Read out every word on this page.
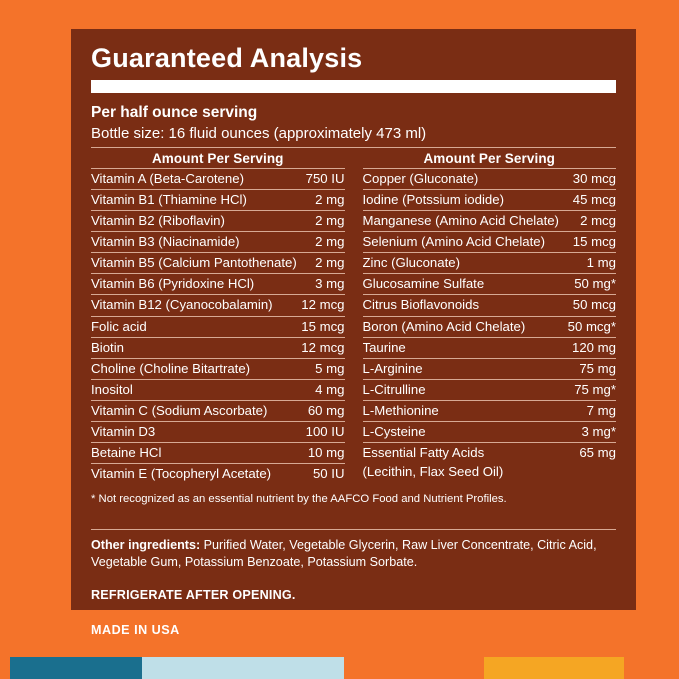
Guaranteed Analysis
Per half ounce serving
Bottle size: 16 fluid ounces (approximately 473 ml)
Amount Per Serving
Vitamin A (Beta-Carotene)	750 IU
Vitamin B1 (Thiamine HCl)	2 mg
Vitamin B2 (Riboflavin)	2 mg
Vitamin B3 (Niacinamide)	2 mg
Vitamin B5 (Calcium Pantothenate)	2 mg
Vitamin B6 (Pyridoxine HCl)	3 mg
Vitamin B12 (Cyanocobalamin)	12 mcg
Folic acid	15 mcg
Biotin	12 mcg
Choline (Choline Bitartrate)	5 mg
Inositol	4 mg
Vitamin C (Sodium Ascorbate)	60 mg
Vitamin D3	100 IU
Betaine HCl	10 mg
Vitamin E (Tocopheryl Acetate)	50 IU
Amount Per Serving
Copper (Gluconate)	30 mcg
Iodine (Potssium iodide)	45 mcg
Manganese (Amino Acid Chelate)	2 mcg
Selenium (Amino Acid Chelate)	15 mcg
Zinc (Gluconate)	1 mg
Glucosamine Sulfate	50 mg*
Citrus Bioflavonoids	50 mcg
Boron (Amino Acid Chelate)	50 mcg*
Taurine	120 mg
L-Arginine	75 mg
L-Citrulline	75 mg*
L-Methionine	7 mg
L-Cysteine	3 mg*
Essential Fatty Acids	65 mg
(Lecithin, Flax Seed Oil)
* Not recognized as an essential nutrient by the AAFCO Food and Nutrient Profiles.

Other ingredients: Purified Water, Vegetable Glycerin, Raw Liver Concentrate, Citric Acid, Vegetable Gum, Potassium Benzoate, Potassium Sorbate.

REFRIGERATE AFTER OPENING.

MADE IN USA
